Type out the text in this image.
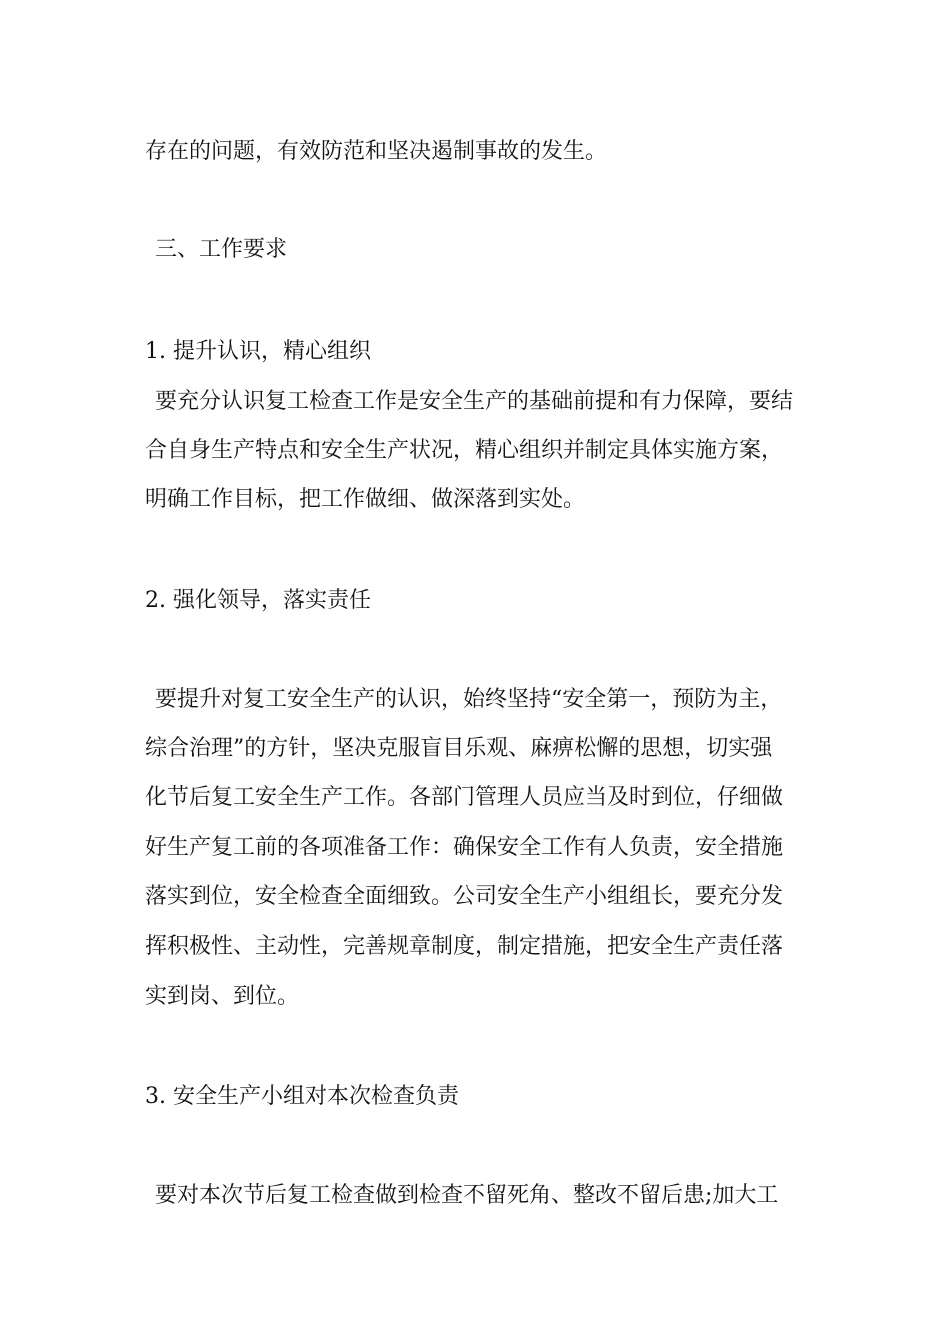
存在的问题，有效防范和坚决遏制事故的发生。

三、工作要求

1. 提升认识，精心组织

要充分认识复工检查工作是安全生产的基础前提和有力保障，要结

合自身生产特点和安全生产状况，精心组织并制定具体实施方案，

明确工作目标，把工作做细、做深落到实处。

2. 强化领导，落实责任

要提升对复工安全生产的认识，始终坚持“安全第一，预防为主，

综合治理”的方针，坚决克服盲目乐观、麻痹松懈的思想，切实强

化节后复工安全生产工作。各部门管理人员应当及时到位，仔细做

好生产复工前的各项准备工作：确保安全工作有人负责，安全措施

落实到位，安全检查全面细致。公司安全生产小组组长，要充分发

挥积极性、主动性，完善规章制度，制定措施，把安全生产责任落

实到岗、到位。

3. 安全生产小组对本次检查负责

要对本次节后复工检查做到检查不留死角、整改不留后患;加大工
